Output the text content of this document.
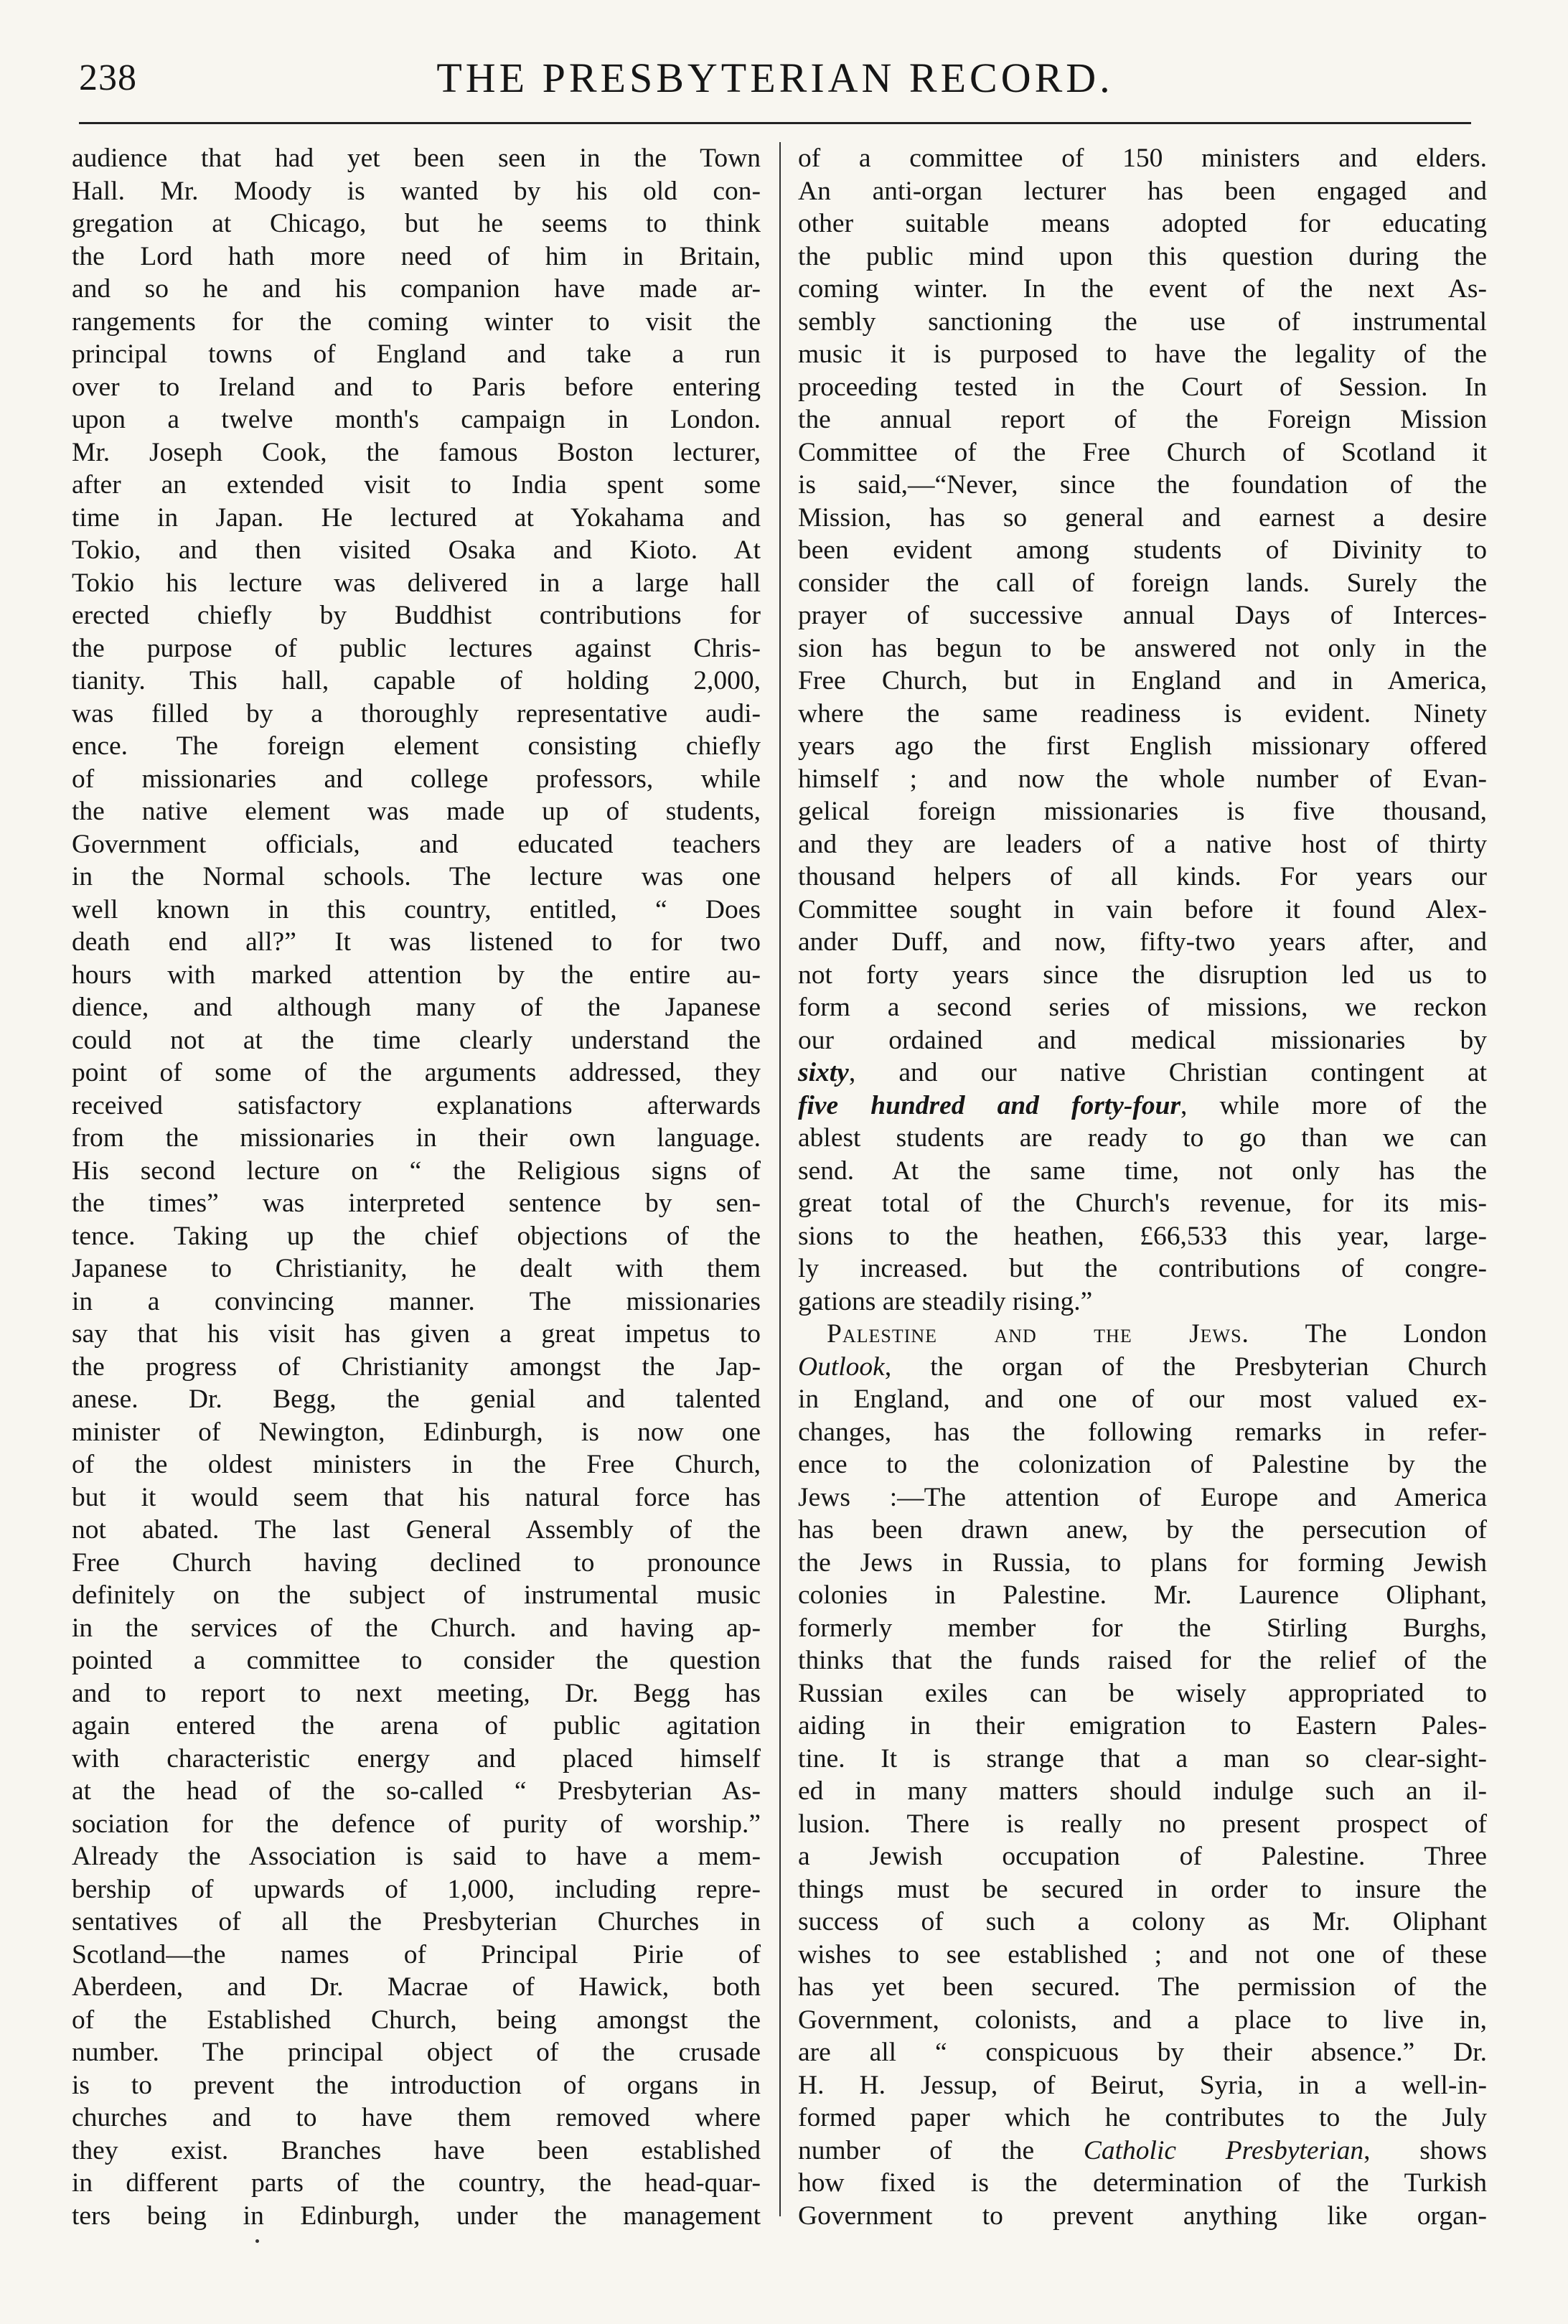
238	THE PRESBYTERIAN RECORD.
audience that had yet been seen in the Town
Hall. Mr. Moody is wanted by his old con-
gregation at Chicago, but he seems to think
the Lord hath more need of him in Britain,
and so he and his companion have made ar-
rangements for the coming winter to visit the
principal towns of England and take a run
over to Ireland and to Paris before entering
upon a twelve month's campaign in London.
Mr. Joseph Cook, the famous Boston lecturer,
after an extended visit to India spent some
time in Japan. He lectured at Yokahama and
Tokio, and then visited Osaka and Kioto. At
Tokio his lecture was delivered in a large hall
erected chiefly by Buddhist contributions for
the purpose of public lectures against Chris-
tianity. This hall, capable of holding 2,000,
was filled by a thoroughly representative audi-
ence. The foreign element consisting chiefly
of missionaries and college professors, while
the native element was made up of students,
Government officials, and educated teachers
in the Normal schools. The lecture was one
well known in this country, entitled, “ Does
death end all?” It was listened to for two
hours with marked attention by the entire au-
dience, and although many of the Japanese
could not at the time clearly understand the
point of some of the arguments addressed, they
received satisfactory explanations afterwards
from the missionaries in their own language.
His second lecture on “ the Religious signs of
the times” was interpreted sentence by sen-
tence. Taking up the chief objections of the
Japanese to Christianity, he dealt with them
in a convincing manner. The missionaries
say that his visit has given a great impetus to
the progress of Christianity amongst the Jap-
anese. Dr. Begg, the genial and talented
minister of Newington, Edinburgh, is now one
of the oldest ministers in the Free Church,
but it would seem that his natural force has
not abated. The last General Assembly of the
Free Church having declined to pronounce
definitely on the subject of instrumental music
in the services of the Church. and having ap-
pointed a committee to consider the question
and to report to next meeting, Dr. Begg has
again entered the arena of public agitation
with characteristic energy and placed himself
at the head of the so-called “ Presbyterian As-
sociation for the defence of purity of worship.”
Already the Association is said to have a mem-
bership of upwards of 1,000, including repre-
sentatives of all the Presbyterian Churches in
Scotland—the names of Principal Pirie of
Aberdeen, and Dr. Macrae of Hawick, both
of the Established Church, being amongst the
number. The principal object of the crusade
is to prevent the introduction of organs in
churches and to have them removed where
they exist. Branches have been established
in different parts of the country, the head-quar-
ters being in Edinburgh, under the management
of a committee of 150 ministers and elders.
An anti-organ lecturer has been engaged and
other suitable means adopted for educating
the public mind upon this question during the
coming winter. In the event of the next As-
sembly sanctioning the use of instrumental
music it is purposed to have the legality of the
proceeding tested in the Court of Session. In
the annual report of the Foreign Mission
Committee of the Free Church of Scotland it
is said,—“Never, since the foundation of the
Mission, has so general and earnest a desire
been evident among students of Divinity to
consider the call of foreign lands. Surely the
prayer of successive annual Days of Interces-
sion has begun to be answered not only in the
Free Church, but in England and in America,
where the same readiness is evident. Ninety
years ago the first English missionary offered
himself ; and now the whole number of Evan-
gelical foreign missionaries is five thousand,
and they are leaders of a native host of thirty
thousand helpers of all kinds. For years our
Committee sought in vain before it found Alex-
ander Duff, and now, fifty-two years after, and
not forty years since the disruption led us to
form a second series of missions, we reckon
our ordained and medical missionaries by
sixty, and our native Christian contingent at
five hundred and forty-four, while more of the
ablest students are ready to go than we can
send. At the same time, not only has the
great total of the Church's revenue, for its mis-
sions to the heathen, £66,533 this year, large-
ly increased. but the contributions of congre-
gations are steadily rising.”
Palestine and the Jews. The London
Outlook, the organ of the Presbyterian Church
in England, and one of our most valued ex-
changes, has the following remarks in refer-
ence to the colonization of Palestine by the
Jews :—The attention of Europe and America
has been drawn anew, by the persecution of
the Jews in Russia, to plans for forming Jewish
colonies in Palestine. Mr. Laurence Oliphant,
formerly member for the Stirling Burghs,
thinks that the funds raised for the relief of the
Russian exiles can be wisely appropriated to
aiding in their emigration to Eastern Pales-
tine. It is strange that a man so clear-sight-
ed in many matters should indulge such an il-
lusion. There is really no present prospect of
a Jewish occupation of Palestine. Three
things must be secured in order to insure the
success of such a colony as Mr. Oliphant
wishes to see established ; and not one of these
has yet been secured. The permission of the
Government, colonists, and a place to live in,
are all “ conspicuous by their absence.” Dr.
H. H. Jessup, of Beirut, Syria, in a well-in-
formed paper which he contributes to the July
number of the Catholic Presbyterian, shows
how fixed is the determination of the Turkish
Government to prevent anything like organ-
